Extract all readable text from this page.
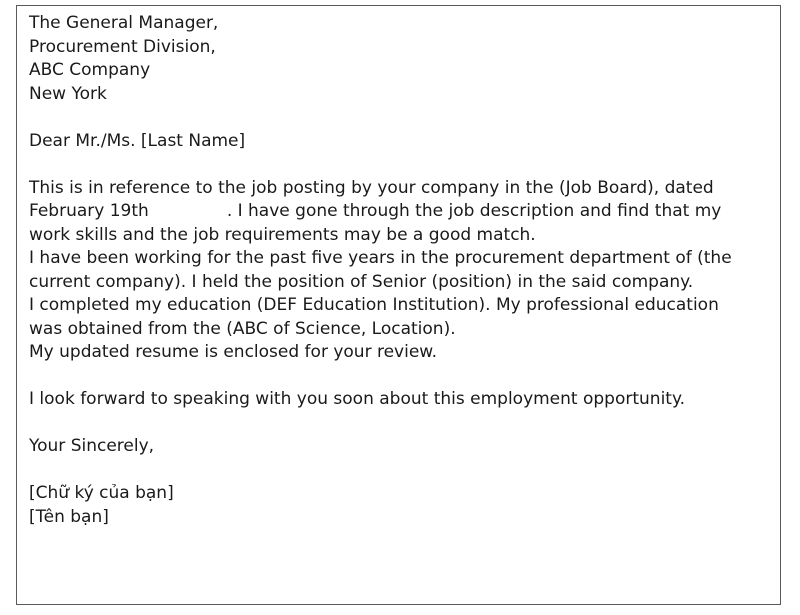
The General Manager,
Procurement Division,
ABC Company
New York
Dear Mr./Ms. [Last Name]
This is in reference to the job posting by your company in the (Job Board), dated
February 19th	. I have gone through the job description and find that my
work skills and the job requirements may be a good match.
I have been working for the past five years in the procurement department of (the
current company). I held the position of Senior (position) in the said company.
I completed my education (DEF Education Institution). My professional education
was obtained from the (ABC of Science, Location).
My updated resume is enclosed for your review.
I look forward to speaking with you soon about this employment opportunity.
Your Sincerely,
[Chữ ký của bạn]
[Tên bạn]
